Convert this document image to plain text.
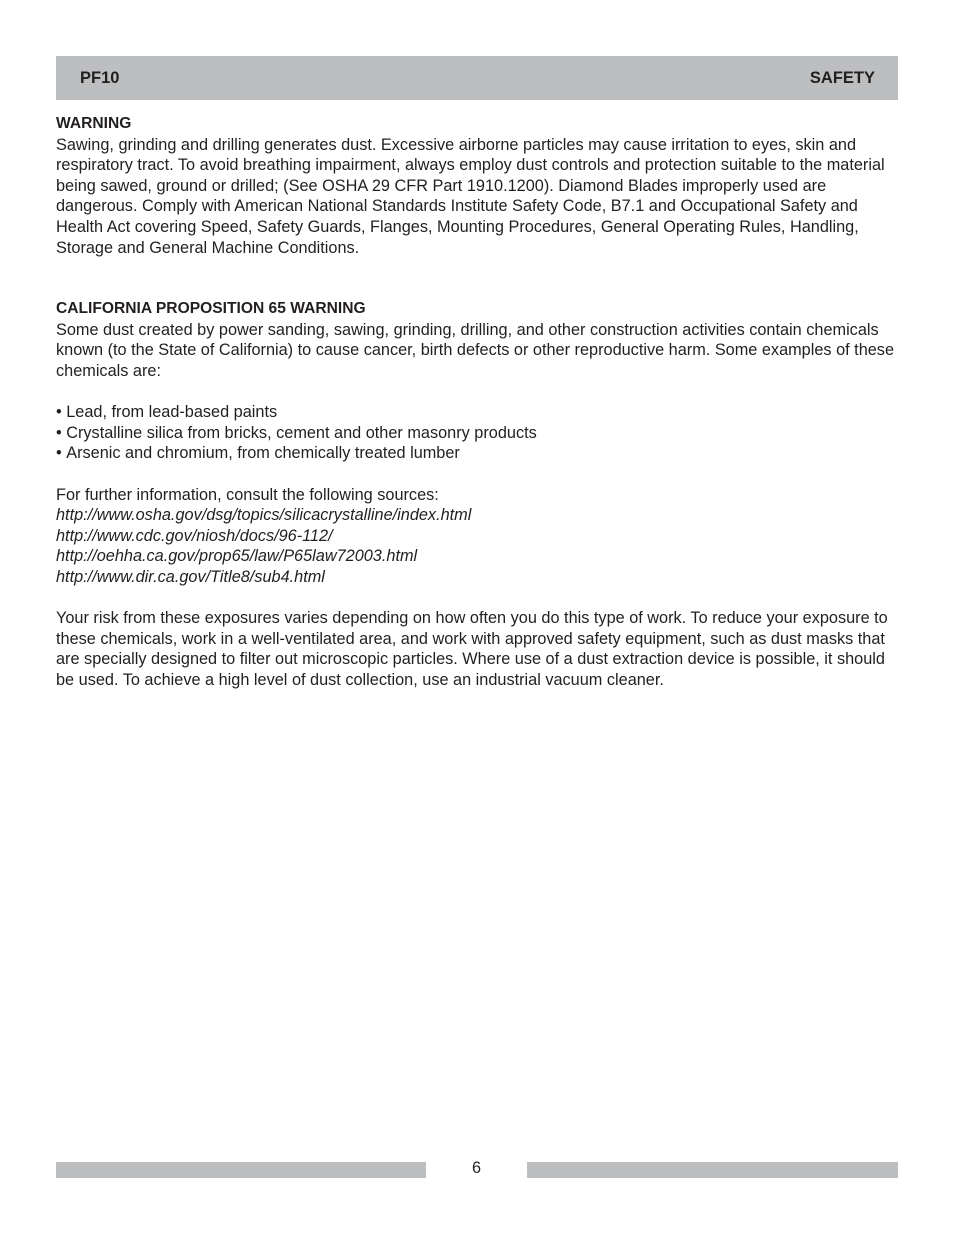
PF10	SAFETY

WARNING

Sawing, grinding and drilling generates dust. Excessive airborne particles may cause irritation to eyes, skin and respiratory tract. To avoid breathing impairment, always employ dust controls and protection suitable to the material being sawed, ground or drilled; (See OSHA 29 CFR Part 1910.1200). Diamond Blades improperly used are dangerous. Comply with American National Standards Institute Safety Code, B7.1 and Occupational Safety and Health Act covering Speed, Safety Guards, Flanges, Mounting Procedures, General Operating Rules, Handling, Storage and General Machine Conditions.

CALIFORNIA PROPOSITION 65 WARNING

Some dust created by power sanding, sawing, grinding, drilling, and other construction activities contain chemicals known (to the State of California) to cause cancer, birth defects or other reproductive harm. Some examples of these chemicals are:

• Lead, from lead-based paints
• Crystalline silica from bricks, cement and other masonry products
• Arsenic and chromium, from chemically treated lumber

For further information, consult the following sources:

http://www.osha.gov/dsg/topics/silicacrystalline/index.html

http://www.cdc.gov/niosh/docs/96-112/

http://oehha.ca.gov/prop65/law/P65law72003.html

http://www.dir.ca.gov/Title8/sub4.html

Your risk from these exposures varies depending on how often you do this type of work. To reduce your exposure to these chemicals, work in a well-ventilated area, and work with approved safety equipment, such as dust masks that are specially designed to filter out microscopic particles. Where use of a dust extraction device is possible, it should be used. To achieve a high level of dust collection, use an industrial vacuum cleaner.

6
